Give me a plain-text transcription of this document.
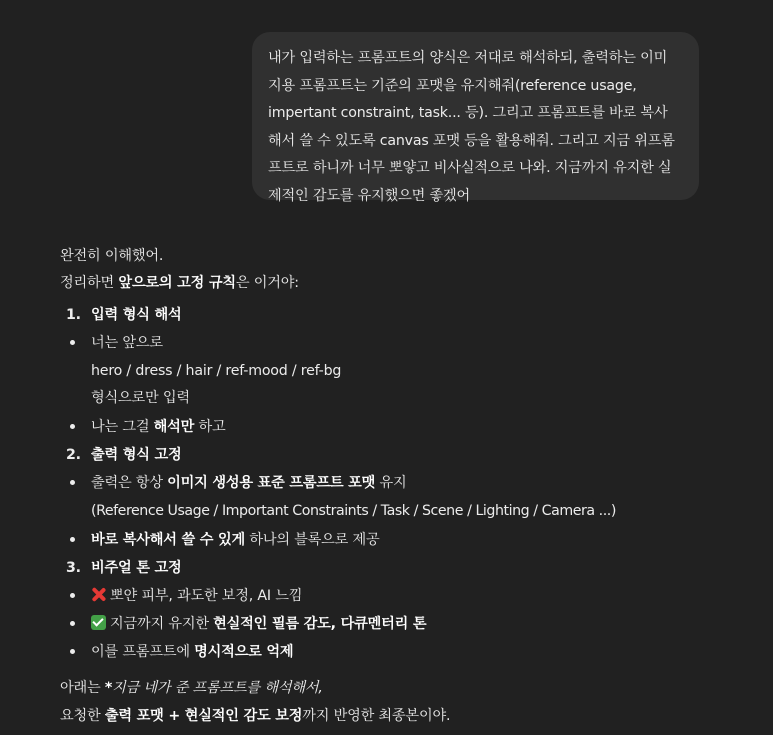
내가 입력하는 프롬프트의 양식은 저대로 해석하되, 출력하는 이미
지용 프롬프트는 기준의 포맷을 유지해줘(reference usage,
impertant constraint, task... 등). 그리고 프롬프트를 바로 복사
해서 쓸 수 있도록 canvas 포맷 등을 활용해줘. 그리고 지금 위프롬
프트로 하니까 너무 뽀얗고 비사실적으로 나와. 지금까지 유지한 실
제적인 감도를 유지했으면 좋겠어
완전히 이해했어.
정리하면 앞으로의 고정 규칙은 이거야:
1. 입력 형식 해석
너는 앞으로
hero / dress / hair / ref-mood / ref-bg
형식으로만 입력
나는 그걸 해석만 하고
2. 출력 형식 고정
출력은 항상 이미지 생성용 표준 프롬프트 포맷 유지
(Reference Usage / Important Constraints / Task / Scene / Lighting / Camera ...)
바로 복사해서 쓸 수 있게 하나의 블록으로 제공
3. 비주얼 톤 고정
뽀얀 피부, 과도한 보정, AI 느낌
지금까지 유지한 현실적인 필름 감도, 다큐멘터리 톤
이를 프롬프트에 명시적으로 억제
아래는 *지금 네가 준 프롬프트를 해석해서,
요청한 출력 포맷 + 현실적인 감도 보정까지 반영한 최종본이야.
